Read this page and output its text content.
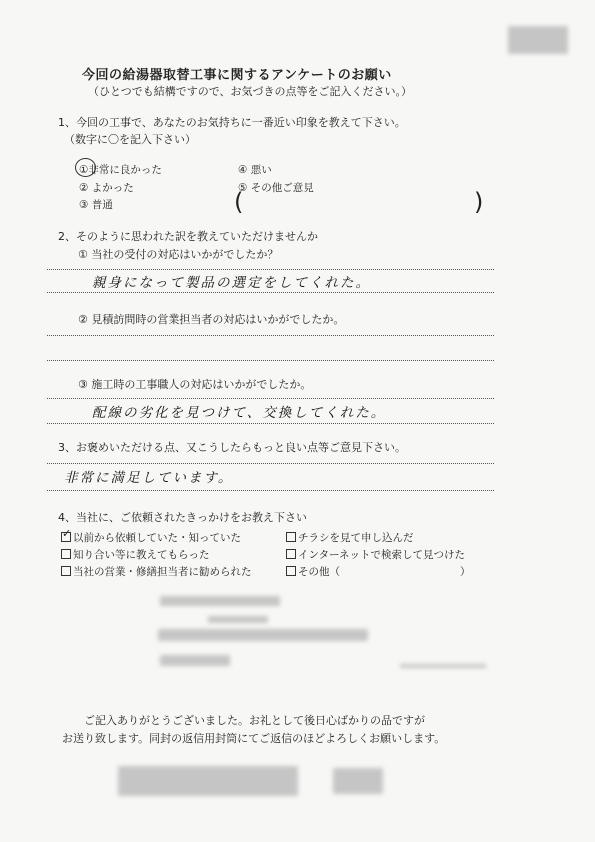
今回の給湯器取替工事に関するアンケートのお願い
（ひとつでも結構ですので、お気づきの点等をご記入ください。）
1、今回の工事で、あなたのお気持ちに一番近い印象を教えて下さい。
（数字に〇を記入下さい）
①非常に良かった
② よかった
③ 普通
④ 悪い
⑤ その他ご意見
(	)
2、そのように思われた訳を教えていただけませんか
① 当社の受付の対応はいかがでしたか？
親身になって製品の選定をしてくれた。
② 見積訪問時の営業担当者の対応はいかがでしたか。
③ 施工時の工事職人の対応はいかがでしたか。
配線の劣化を見つけて、交換してくれた。
3、お褒めいただける点、又こうしたらもっと良い点等ご意見下さい。
非常に満足しています。
4、当社に、ご依頼されたきっかけをお教え下さい
✓ 以前から依頼していた・知っていた
知り合い等に教えてもらった
当社の営業・修繕担当者に勧められた
チラシを見て申し込んだ
インターネットで検索して見つけた
その他（	）
ご記入ありがとうございました。お礼として後日心ばかりの品ですが
お送り致します。同封の返信用封筒にてご返信のほどよろしくお願いします。
